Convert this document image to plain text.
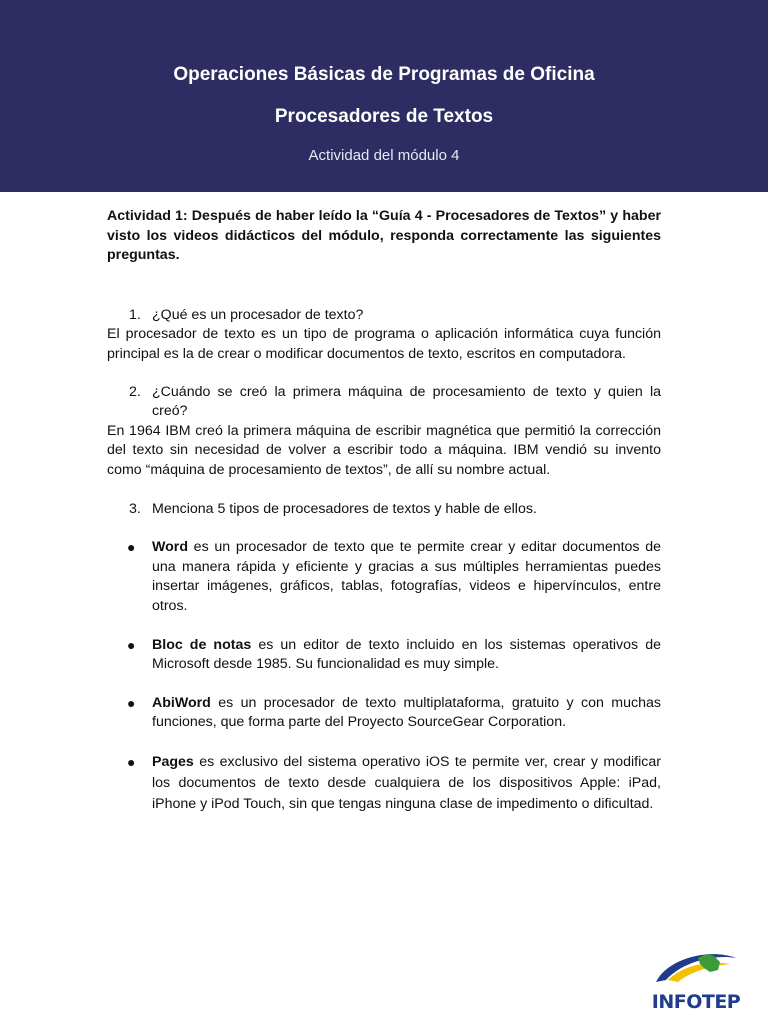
Operaciones Básicas de Programas de Oficina
Procesadores de Textos
Actividad del módulo 4

Actividad 1: Después de haber leído la “Guía 4 - Procesadores de Textos” y haber visto los videos didácticos del módulo, responda correctamente las siguientes preguntas.

1. ¿Qué es un procesador de texto?

El procesador de texto es un tipo de programa o aplicación informática cuya función principal es la de crear o modificar documentos de texto, escritos en computadora.

2. ¿Cuándo se creó la primera máquina de procesamiento de texto y quien la creó?

En 1964 IBM creó la primera máquina de escribir magnética que permitió la corrección del texto sin necesidad de volver a escribir todo a máquina. IBM vendió su invento como “máquina de procesamiento de textos”, de allí su nombre actual.

3. Menciona 5 tipos de procesadores de textos y hable de ellos.
● Word es un procesador de texto que te permite crear y editar documentos de una manera rápida y eficiente y gracias a sus múltiples herramientas puedes insertar imágenes, gráficos, tablas, fotografías, videos e hipervínculos, entre otros.
● Bloc de notas es un editor de texto incluido en los sistemas operativos de Microsoft desde 1985. Su funcionalidad es muy simple.
● AbiWord es un procesador de texto multiplataforma, gratuito y con muchas funciones, que forma parte del Proyecto SourceGear Corporation.
● Pages es exclusivo del sistema operativo iOS te permite ver, crear y modificar los documentos de texto desde cualquiera de los dispositivos Apple: iPad, iPhone y iPod Touch, sin que tengas ninguna clase de impedimento o dificultad.
INFOTEP
